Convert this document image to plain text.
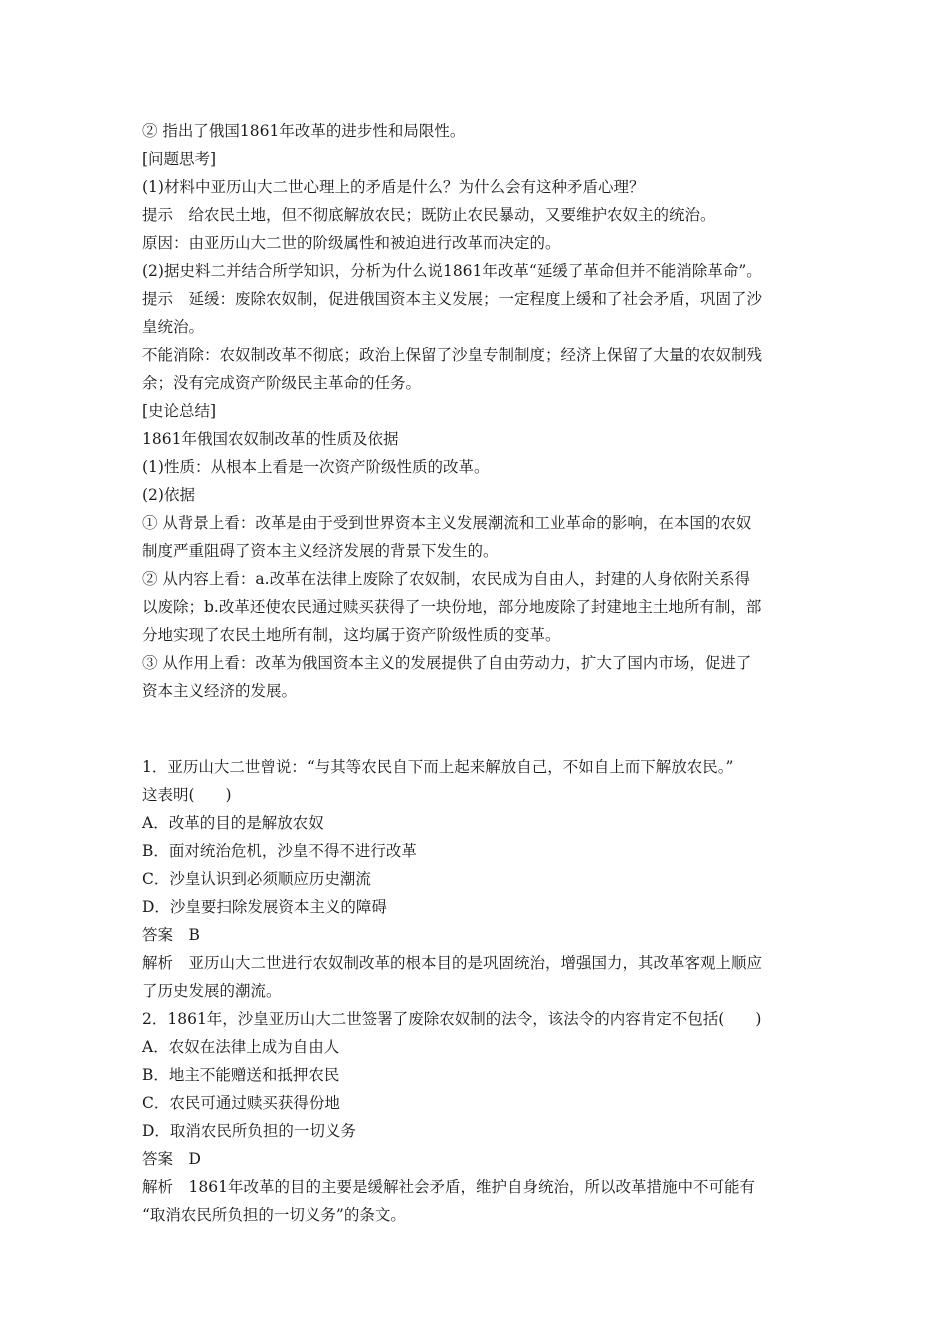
② 指出了俄国1861年改革的进步性和局限性。
[问题思考]
(1)材料中亚历山大二世心理上的矛盾是什么？为什么会有这种矛盾心理？
提示　给农民土地，但不彻底解放农民；既防止农民暴动，又要维护农奴主的统治。
原因：由亚历山大二世的阶级属性和被迫进行改革而决定的。
(2)据史料二并结合所学知识，分析为什么说1861年改革“延缓了革命但并不能消除革命”。
提示　延缓：废除农奴制，促进俄国资本主义发展；一定程度上缓和了社会矛盾，巩固了沙
皇统治。
不能消除：农奴制改革不彻底；政治上保留了沙皇专制制度；经济上保留了大量的农奴制残
余；没有完成资产阶级民主革命的任务。
[史论总结]
1861年俄国农奴制改革的性质及依据
(1)性质：从根本上看是一次资产阶级性质的改革。
(2)依据
① 从背景上看：改革是由于受到世界资本主义发展潮流和工业革命的影响，在本国的农奴
制度严重阻碍了资本主义经济发展的背景下发生的。
② 从内容上看：a.改革在法律上废除了农奴制，农民成为自由人，封建的人身依附关系得
以废除；b.改革还使农民通过赎买获得了一块份地，部分地废除了封建地主土地所有制，部
分地实现了农民土地所有制，这均属于资产阶级性质的变革。
③ 从作用上看：改革为俄国资本主义的发展提供了自由劳动力，扩大了国内市场，促进了
资本主义经济的发展。
1．亚历山大二世曾说：“与其等农民自下而上起来解放自己，不如自上而下解放农民。”
这表明(　　)
A．改革的目的是解放农奴
B．面对统治危机，沙皇不得不进行改革
C．沙皇认识到必须顺应历史潮流
D．沙皇要扫除发展资本主义的障碍
答案　B
解析　亚历山大二世进行农奴制改革的根本目的是巩固统治，增强国力，其改革客观上顺应
了历史发展的潮流。
2．1861年，沙皇亚历山大二世签署了废除农奴制的法令，该法令的内容肯定不包括(　　)
A．农奴在法律上成为自由人
B．地主不能赠送和抵押农民
C．农民可通过赎买获得份地
D．取消农民所负担的一切义务
答案　D
解析　1861年改革的目的主要是缓解社会矛盾，维护自身统治，所以改革措施中不可能有
“取消农民所负担的一切义务”的条文。
